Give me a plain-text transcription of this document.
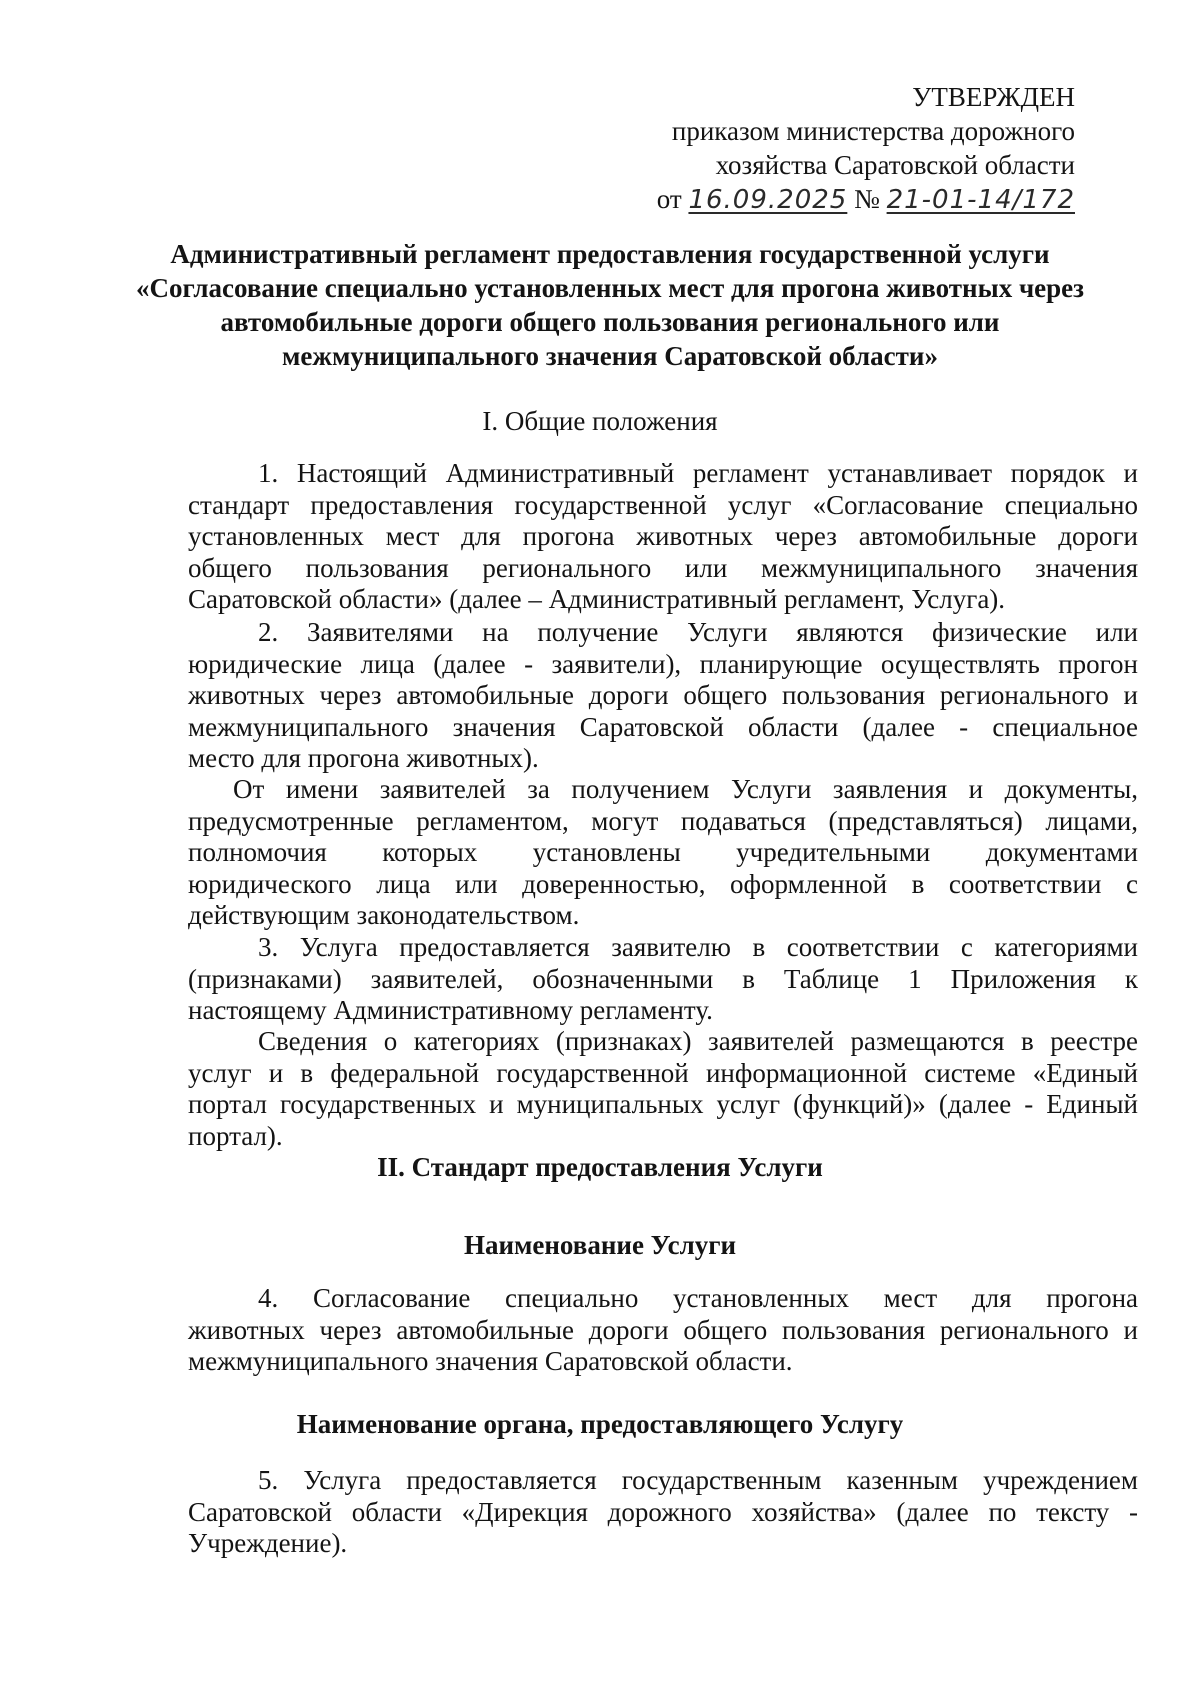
УТВЕРЖДЕН
приказом министерства дорожного
хозяйства Саратовской области
от 16.09.2025 № 21-01-14/172
Административный регламент предоставления государственной услуги
«Согласование специально установленных мест для прогона животных через
автомобильные дороги общего пользования регионального или
межмуниципального значения Саратовской области»
I. Общие положения
1. Настоящий Административный регламент устанавливает порядок и
стандарт предоставления государственной услуг «Согласование специально
установленных мест для прогона животных через автомобильные дороги
общего пользования регионального или межмуниципального значения
Саратовской области» (далее – Административный регламент, Услуга).
2. Заявителями на получение Услуги являются физические или
юридические лица (далее - заявители), планирующие осуществлять прогон
животных через автомобильные дороги общего пользования регионального и
межмуниципального значения Саратовской области (далее - специальное
место для прогона животных).
От имени заявителей за получением Услуги заявления и документы,
предусмотренные регламентом, могут подаваться (представляться) лицами,
полномочия которых установлены учредительными документами
юридического лица или доверенностью, оформленной в соответствии с
действующим законодательством.
3. Услуга предоставляется заявителю в соответствии с категориями
(признаками) заявителей, обозначенными в Таблице 1 Приложения к
настоящему Административному регламенту.
Сведения о категориях (признаках) заявителей размещаются в реестре
услуг и в федеральной государственной информационной системе «Единый
портал государственных и муниципальных услуг (функций)» (далее - Единый
портал).
II. Стандарт предоставления Услуги
Наименование Услуги
4. Согласование специально установленных мест для прогона
животных через автомобильные дороги общего пользования регионального и
межмуниципального значения Саратовской области.
Наименование органа, предоставляющего Услугу
5. Услуга предоставляется государственным казенным учреждением
Саратовской области «Дирекция дорожного хозяйства» (далее по тексту -
Учреждение).
